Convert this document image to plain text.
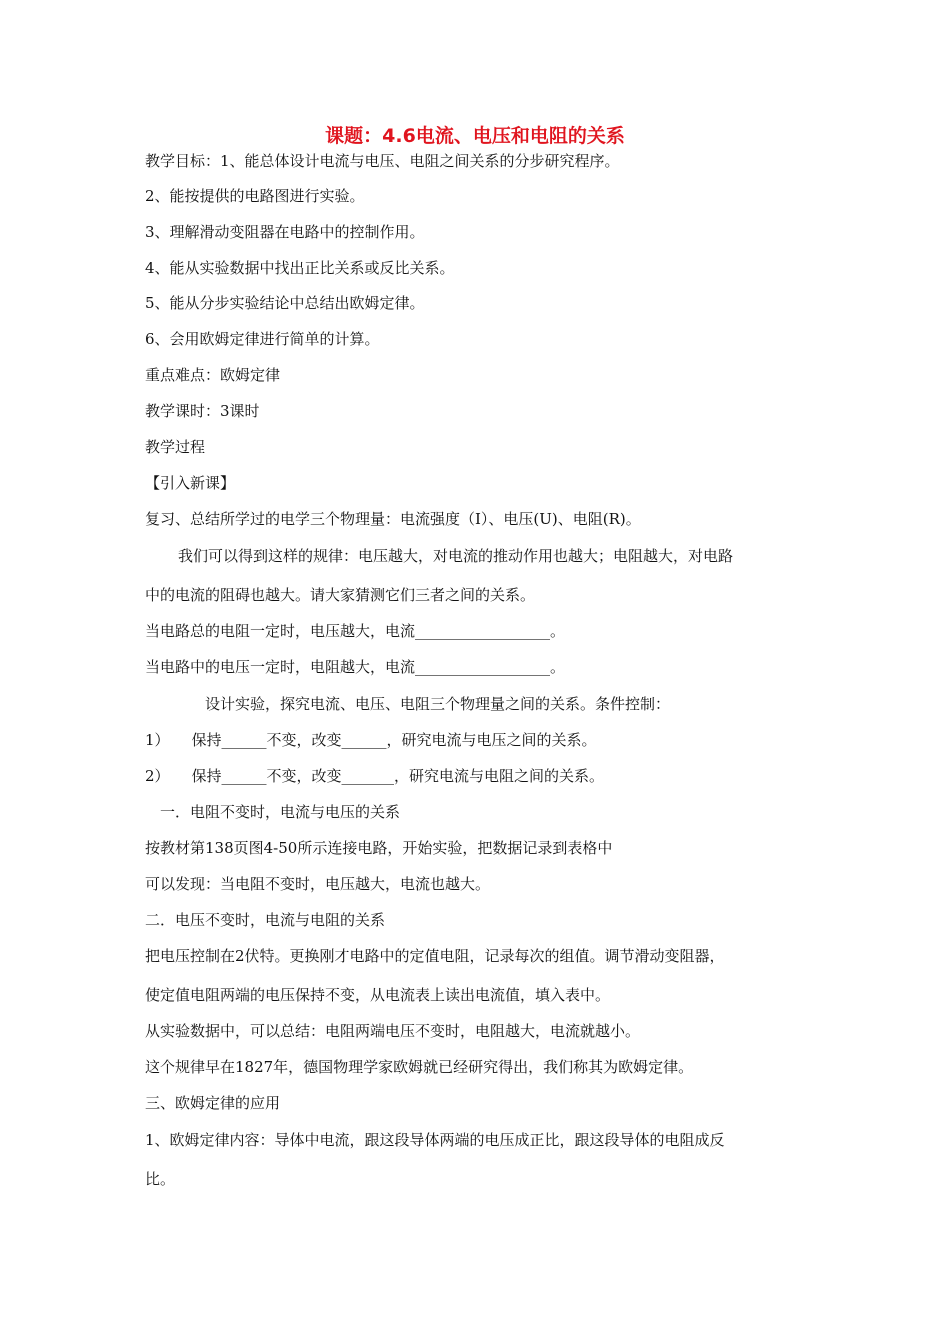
课题：4.6电流、电压和电阻的关系
教学目标：1、能总体设计电流与电压、电阻之间关系的分步研究程序。
2、能按提供的电路图进行实验。
3、理解滑动变阻器在电路中的控制作用。
4、能从实验数据中找出正比关系或反比关系。
5、能从分步实验结论中总结出欧姆定律。
6、会用欧姆定律进行简单的计算。
重点难点：欧姆定律
教学课时：3课时
教学过程
【引入新课】
复习、总结所学过的电学三个物理量：电流强度（I）、电压(U)、电阻(R)。
我们可以得到这样的规律：电压越大，对电流的推动作用也越大；电阻越大，对电路
中的电流的阻碍也越大。请大家猜测它们三者之间的关系。
当电路总的电阻一定时，电压越大，电流__________________。
当电路中的电压一定时，电阻越大，电流__________________。
设计实验，探究电流、电压、电阻三个物理量之间的关系。条件控制：
1） 保持______不变，改变______，研究电流与电压之间的关系。
2） 保持______不变，改变_______，研究电流与电阻之间的关系。
一．电阻不变时，电流与电压的关系
按教材第138页图4-50所示连接电路，开始实验，把数据记录到表格中
可以发现：当电阻不变时，电压越大，电流也越大。
二．电压不变时，电流与电阻的关系
把电压控制在2伏特。更换刚才电路中的定值电阻，记录每次的组值。调节滑动变阻器，
使定值电阻两端的电压保持不变，从电流表上读出电流值，填入表中。
从实验数据中，可以总结：电阻两端电压不变时，电阻越大，电流就越小。
这个规律早在1827年，德国物理学家欧姆就已经研究得出，我们称其为欧姆定律。
三、欧姆定律的应用
1、欧姆定律内容：导体中电流，跟这段导体两端的电压成正比，跟这段导体的电阻成反
比。
